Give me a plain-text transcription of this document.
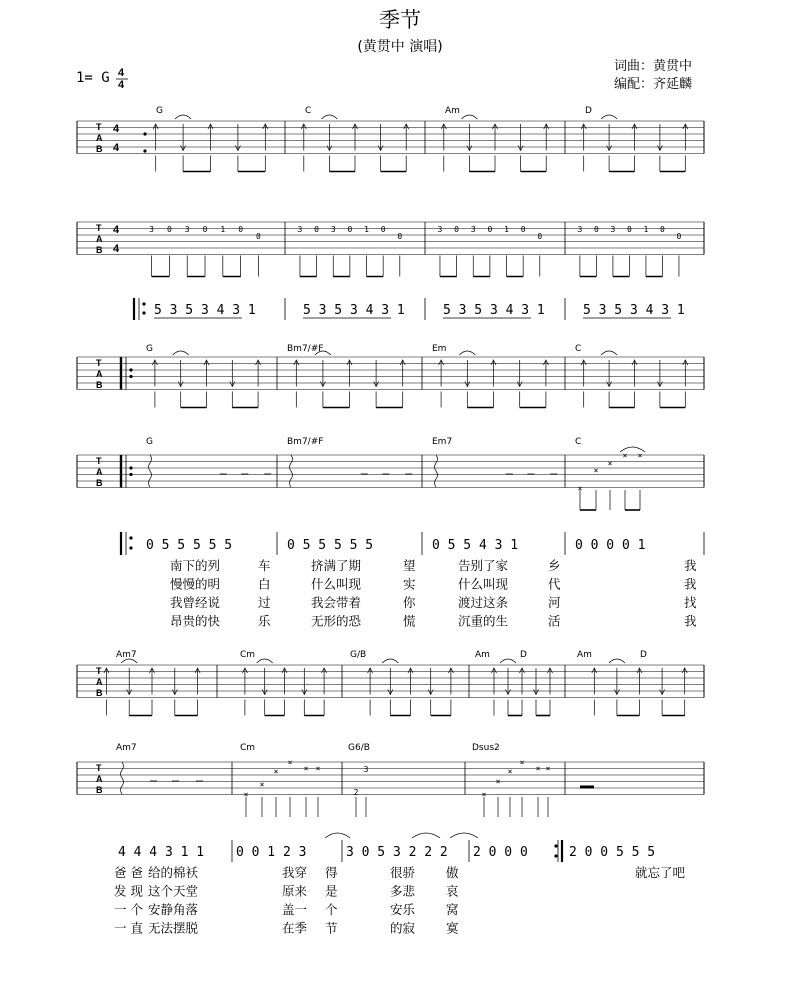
季节
(黄贯中 演唱)
1= G
词曲：黄贯中
编配：齐延麟
4
4
G	C	Am	D
T
A
B
4
4
T
A
B
4
4
3 0 3 0 1 0
0
3 0 3 0 1 0
0
3 0 3 0 1 0
0
3 0 3 0 1 0
0
5 3 5 3 4 3 1	5 3 5 3 4 3 1	5 3 5 3 4 3 1	5 3 5 3 4 3 1
G	Bm7/#F	Em	C
T
A
B
G	Bm7/#F	Em7	C
T
A
B
×
×
×
× ×
0 5 5 5 5 5	0 5 5 5 5 5	0 5 5 4 3 1	0 0 0 0 1
南下的列	车	挤满了期	望	告别了家	乡	我
慢慢的明	白	什么叫现	实	什么叫现	代	我
我曾经说	过	我会带着	你	渡过这条	河	找
昂贵的快	乐	无形的恐	慌	沉重的生	活	我
Am7	Cm	G/B	Am	D	Am	D
T
A
B
Am7	Cm	G6/B	Dsus2
T
A
B	×
×
×
×
× ×	3
2	×
×
×
×
× ×
4 4 4 3 1 1 0 0 1 2 3	3 0 5 3 2 2 2 2 0 0 0	2 0 0 5 5 5
爸 爸 给的棉袄	我穿 得	很骄 傲	就忘了吧
发 现 这个天堂	原来 是	多悲 哀
一 个 安静角落	盖一 个	安乐 窝
一 直 无法摆脱	在季 节	的寂 寞
